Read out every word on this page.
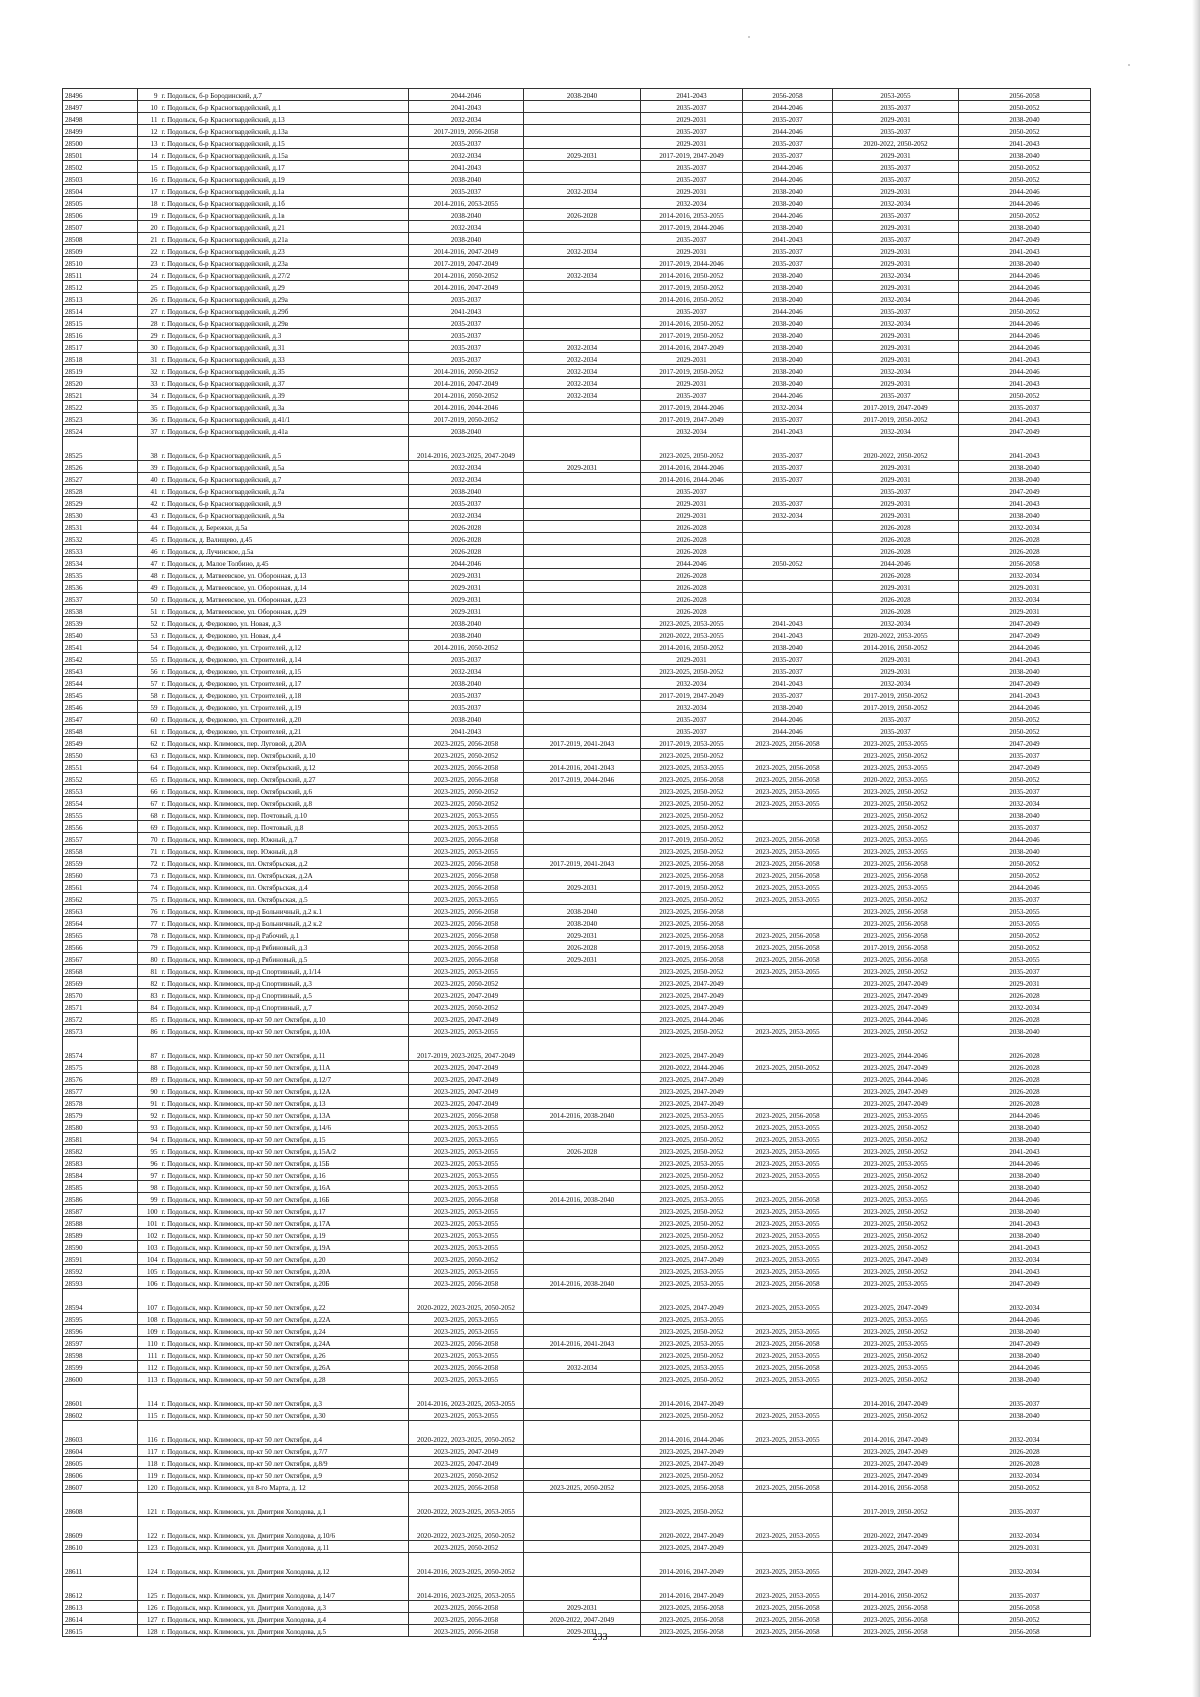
28496	9	г. Подольск, б-р Бородинский, д.7	2044-2046	2038-2040	2041-2043	2056-2058	2053-2055	2056-2058
28497	10	г. Подольск, б-р Красногвардейский, д.1	2041-2043		2035-2037	2044-2046	2035-2037	2050-2052
28498	11	г. Подольск, б-р Красногвардейский, д.13	2032-2034		2029-2031	2035-2037	2029-2031	2038-2040
28499	12	г. Подольск, б-р Красногвардейский, д.13а	2017-2019, 2056-2058		2035-2037	2044-2046	2035-2037	2050-2052
28500	13	г. Подольск, б-р Красногвардейский, д.15	2035-2037		2029-2031	2035-2037	2020-2022, 2050-2052	2041-2043
28501	14	г. Подольск, б-р Красногвардейский, д.15а	2032-2034	2029-2031	2017-2019, 2047-2049	2035-2037	2029-2031	2038-2040
28502	15	г. Подольск, б-р Красногвардейский, д.17	2041-2043		2035-2037	2044-2046	2035-2037	2050-2052
28503	16	г. Подольск, б-р Красногвардейский, д.19	2038-2040		2035-2037	2044-2046	2035-2037	2050-2052
28504	17	г. Подольск, б-р Красногвардейский, д.1а	2035-2037	2032-2034	2029-2031	2038-2040	2029-2031	2044-2046
28505	18	г. Подольск, б-р Красногвардейский, д.1б	2014-2016, 2053-2055		2032-2034	2038-2040	2032-2034	2044-2046
28506	19	г. Подольск, б-р Красногвардейский, д.1в	2038-2040	2026-2028	2014-2016, 2053-2055	2044-2046	2035-2037	2050-2052
28507	20	г. Подольск, б-р Красногвардейский, д.21	2032-2034		2017-2019, 2044-2046	2038-2040	2029-2031	2038-2040
28508	21	г. Подольск, б-р Красногвардейский, д.21а	2038-2040		2035-2037	2041-2043	2035-2037	2047-2049
28509	22	г. Подольск, б-р Красногвардейский, д.23	2014-2016, 2047-2049	2032-2034	2029-2031	2035-2037	2029-2031	2041-2043
28510	23	г. Подольск, б-р Красногвардейский, д.23а	2017-2019, 2047-2049		2017-2019, 2044-2046	2035-2037	2029-2031	2038-2040
28511	24	г. Подольск, б-р Красногвардейский, д.27/2	2014-2016, 2050-2052	2032-2034	2014-2016, 2050-2052	2038-2040	2032-2034	2044-2046
28512	25	г. Подольск, б-р Красногвардейский, д.29	2014-2016, 2047-2049		2017-2019, 2050-2052	2038-2040	2029-2031	2044-2046
28513	26	г. Подольск, б-р Красногвардейский, д.29а	2035-2037		2014-2016, 2050-2052	2038-2040	2032-2034	2044-2046
28514	27	г. Подольск, б-р Красногвардейский, д.29б	2041-2043		2035-2037	2044-2046	2035-2037	2050-2052
28515	28	г. Подольск, б-р Красногвардейский, д.29в	2035-2037		2014-2016, 2050-2052	2038-2040	2032-2034	2044-2046
28516	29	г. Подольск, б-р Красногвардейский, д.3	2035-2037		2017-2019, 2050-2052	2038-2040	2029-2031	2044-2046
28517	30	г. Подольск, б-р Красногвардейский, д.31	2035-2037	2032-2034	2014-2016, 2047-2049	2038-2040	2029-2031	2044-2046
28518	31	г. Подольск, б-р Красногвардейский, д.33	2035-2037	2032-2034	2029-2031	2038-2040	2029-2031	2041-2043
28519	32	г. Подольск, б-р Красногвардейский, д.35	2014-2016, 2050-2052	2032-2034	2017-2019, 2050-2052	2038-2040	2032-2034	2044-2046
28520	33	г. Подольск, б-р Красногвардейский, д.37	2014-2016, 2047-2049	2032-2034	2029-2031	2038-2040	2029-2031	2041-2043
28521	34	г. Подольск, б-р Красногвардейский, д.39	2014-2016, 2050-2052	2032-2034	2035-2037	2044-2046	2035-2037	2050-2052
28522	35	г. Подольск, б-р Красногвардейский, д.3а	2014-2016, 2044-2046		2017-2019, 2044-2046	2032-2034	2017-2019, 2047-2049	2035-2037
28523	36	г. Подольск, б-р Красногвардейский, д.41/1	2017-2019, 2050-2052		2017-2019, 2047-2049	2035-2037	2017-2019, 2050-2052	2041-2043
28524	37	г. Подольск, б-р Красногвардейский, д.41а	2038-2040		2032-2034	2041-2043	2032-2034	2047-2049
28525	38	г. Подольск, б-р Красногвардейский, д.5	2014-2016, 2023-2025, 2047-2049		2023-2025, 2050-2052	2035-2037	2020-2022, 2050-2052	2041-2043
28526	39	г. Подольск, б-р Красногвардейский, д.5а	2032-2034	2029-2031	2014-2016, 2044-2046	2035-2037	2029-2031	2038-2040
28527	40	г. Подольск, б-р Красногвардейский, д.7	2032-2034		2014-2016, 2044-2046	2035-2037	2029-2031	2038-2040
28528	41	г. Подольск, б-р Красногвардейский, д.7а	2038-2040		2035-2037		2035-2037	2047-2049
28529	42	г. Подольск, б-р Красногвардейский, д.9	2035-2037		2029-2031	2035-2037	2029-2031	2041-2043
28530	43	г. Подольск, б-р Красногвардейский, д.9а	2032-2034		2029-2031	2032-2034	2029-2031	2038-2040
28531	44	г. Подольск, д. Бережки, д.5а	2026-2028		2026-2028		2026-2028	2032-2034
28532	45	г. Подольск, д. Валищево, д.45	2026-2028		2026-2028		2026-2028	2026-2028
28533	46	г. Подольск, д. Лучинское, д.5а	2026-2028		2026-2028		2026-2028	2026-2028
28534	47	г. Подольск, д. Малое Толбино, д.45	2044-2046		2044-2046	2050-2052	2044-2046	2056-2058
28535	48	г. Подольск, д. Матвеевское, ул. Оборонная, д.13	2029-2031		2026-2028		2026-2028	2032-2034
28536	49	г. Подольск, д. Матвеевское, ул. Оборонная, д.14	2029-2031		2026-2028		2029-2031	2029-2031
28537	50	г. Подольск, д. Матвеевское, ул. Оборонная, д.23	2029-2031		2026-2028		2026-2028	2032-2034
28538	51	г. Подольск, д. Матвеевское, ул. Оборонная, д.29	2029-2031		2026-2028		2026-2028	2029-2031
28539	52	г. Подольск, д. Федюково, ул. Новая, д.3	2038-2040		2023-2025, 2053-2055	2041-2043	2032-2034	2047-2049
28540	53	г. Подольск, д. Федюково, ул. Новая, д.4	2038-2040		2020-2022, 2053-2055	2041-2043	2020-2022, 2053-2055	2047-2049
28541	54	г. Подольск, д. Федюково, ул. Строителей, д.12	2014-2016, 2050-2052		2014-2016, 2050-2052	2038-2040	2014-2016, 2050-2052	2044-2046
28542	55	г. Подольск, д. Федюково, ул. Строителей, д.14	2035-2037		2029-2031	2035-2037	2029-2031	2041-2043
28543	56	г. Подольск, д. Федюково, ул. Строителей, д.15	2032-2034		2023-2025, 2050-2052	2035-2037	2029-2031	2038-2040
28544	57	г. Подольск, д. Федюково, ул. Строителей, д.17	2038-2040		2032-2034	2041-2043	2032-2034	2047-2049
28545	58	г. Подольск, д. Федюково, ул. Строителей, д.18	2035-2037		2017-2019, 2047-2049	2035-2037	2017-2019, 2050-2052	2041-2043
28546	59	г. Подольск, д. Федюково, ул. Строителей, д.19	2035-2037		2032-2034	2038-2040	2017-2019, 2050-2052	2044-2046
28547	60	г. Подольск, д. Федюково, ул. Строителей, д.20	2038-2040		2035-2037	2044-2046	2035-2037	2050-2052
28548	61	г. Подольск, д. Федюково, ул. Строителей, д.21	2041-2043		2035-2037	2044-2046	2035-2037	2050-2052
28549	62	г. Подольск, мкр. Климовск, пер. Луговой, д.20А	2023-2025, 2056-2058	2017-2019, 2041-2043	2017-2019, 2053-2055	2023-2025, 2056-2058	2023-2025, 2053-2055	2047-2049
28550	63	г. Подольск, мкр. Климовск, пер. Октябрьский, д.10	2023-2025, 2050-2052		2023-2025, 2050-2052		2023-2025, 2050-2052	2035-2037
28551	64	г. Подольск, мкр. Климовск, пер. Октябрьский, д.12	2023-2025, 2056-2058	2014-2016, 2041-2043	2023-2025, 2053-2055	2023-2025, 2056-2058	2023-2025, 2053-2055	2047-2049
28552	65	г. Подольск, мкр. Климовск, пер. Октябрьский, д.27	2023-2025, 2056-2058	2017-2019, 2044-2046	2023-2025, 2056-2058	2023-2025, 2056-2058	2020-2022, 2053-2055	2050-2052
28553	66	г. Подольск, мкр. Климовск, пер. Октябрьский, д.6	2023-2025, 2050-2052		2023-2025, 2050-2052	2023-2025, 2053-2055	2023-2025, 2050-2052	2035-2037
28554	67	г. Подольск, мкр. Климовск, пер. Октябрьский, д.8	2023-2025, 2050-2052		2023-2025, 2050-2052	2023-2025, 2053-2055	2023-2025, 2050-2052	2032-2034
28555	68	г. Подольск, мкр. Климовск, пер. Почтовый, д.10	2023-2025, 2053-2055		2023-2025, 2050-2052		2023-2025, 2050-2052	2038-2040
28556	69	г. Подольск, мкр. Климовск, пер. Почтовый, д.8	2023-2025, 2053-2055		2023-2025, 2050-2052		2023-2025, 2050-2052	2035-2037
28557	70	г. Подольск, мкр. Климовск, пер. Южный, д.7	2023-2025, 2056-2058		2017-2019, 2050-2052	2023-2025, 2056-2058	2023-2025, 2053-2055	2044-2046
28558	71	г. Подольск, мкр. Климовск, пер. Южный, д.8	2023-2025, 2053-2055		2023-2025, 2050-2052	2023-2025, 2053-2055	2023-2025, 2053-2055	2038-2040
28559	72	г. Подольск, мкр. Климовск, пл. Октябрьская, д.2	2023-2025, 2056-2058	2017-2019, 2041-2043	2023-2025, 2056-2058	2023-2025, 2056-2058	2023-2025, 2056-2058	2050-2052
28560	73	г. Подольск, мкр. Климовск, пл. Октябрьская, д.2А	2023-2025, 2056-2058		2023-2025, 2056-2058	2023-2025, 2056-2058	2023-2025, 2056-2058	2050-2052
28561	74	г. Подольск, мкр. Климовск, пл. Октябрьская, д.4	2023-2025, 2056-2058	2029-2031	2017-2019, 2050-2052	2023-2025, 2053-2055	2023-2025, 2053-2055	2044-2046
28562	75	г. Подольск, мкр. Климовск, пл. Октябрьская, д.5	2023-2025, 2053-2055		2023-2025, 2050-2052	2023-2025, 2053-2055	2023-2025, 2050-2052	2035-2037
28563	76	г. Подольск, мкр. Климовск, пр-д Больничный, д.2 к.1	2023-2025, 2056-2058	2038-2040	2023-2025, 2056-2058		2023-2025, 2056-2058	2053-2055
28564	77	г. Подольск, мкр. Климовск, пр-д Больничный, д.2 к.2	2023-2025, 2056-2058	2038-2040	2023-2025, 2056-2058		2023-2025, 2056-2058	2053-2055
28565	78	г. Подольск, мкр. Климовск, пр-д Рабочий, д.1	2023-2025, 2056-2058	2029-2031	2023-2025, 2056-2058	2023-2025, 2056-2058	2023-2025, 2056-2058	2050-2052
28566	79	г. Подольск, мкр. Климовск, пр-д Рябиновый, д.3	2023-2025, 2056-2058	2026-2028	2017-2019, 2056-2058	2023-2025, 2056-2058	2017-2019, 2056-2058	2050-2052
28567	80	г. Подольск, мкр. Климовск, пр-д Рябиновый, д.5	2023-2025, 2056-2058	2029-2031	2023-2025, 2056-2058	2023-2025, 2056-2058	2023-2025, 2056-2058	2053-2055
28568	81	г. Подольск, мкр. Климовск, пр-д Спортивный, д.1/14	2023-2025, 2053-2055		2023-2025, 2050-2052	2023-2025, 2053-2055	2023-2025, 2050-2052	2035-2037
28569	82	г. Подольск, мкр. Климовск, пр-д Спортивный, д.3	2023-2025, 2050-2052		2023-2025, 2047-2049		2023-2025, 2047-2049	2029-2031
28570	83	г. Подольск, мкр. Климовск, пр-д Спортивный, д.5	2023-2025, 2047-2049		2023-2025, 2047-2049		2023-2025, 2047-2049	2026-2028
28571	84	г. Подольск, мкр. Климовск, пр-д Спортивный, д.7	2023-2025, 2050-2052		2023-2025, 2047-2049		2023-2025, 2047-2049	2032-2034
28572	85	г. Подольск, мкр. Климовск, пр-кт 50 лет Октября, д.10	2023-2025, 2047-2049		2023-2025, 2044-2046		2023-2025, 2044-2046	2026-2028
28573	86	г. Подольск, мкр. Климовск, пр-кт 50 лет Октября, д.10А	2023-2025, 2053-2055		2023-2025, 2050-2052	2023-2025, 2053-2055	2023-2025, 2050-2052	2038-2040
28574	87	г. Подольск, мкр. Климовск, пр-кт 50 лет Октября, д.11	2017-2019, 2023-2025, 2047-2049		2023-2025, 2047-2049		2023-2025, 2044-2046	2026-2028
28575	88	г. Подольск, мкр. Климовск, пр-кт 50 лет Октября, д.11А	2023-2025, 2047-2049		2020-2022, 2044-2046	2023-2025, 2050-2052	2023-2025, 2047-2049	2026-2028
28576	89	г. Подольск, мкр. Климовск, пр-кт 50 лет Октября, д.12/7	2023-2025, 2047-2049		2023-2025, 2047-2049		2023-2025, 2044-2046	2026-2028
28577	90	г. Подольск, мкр. Климовск, пр-кт 50 лет Октября, д.12А	2023-2025, 2047-2049		2023-2025, 2047-2049		2023-2025, 2047-2049	2026-2028
28578	91	г. Подольск, мкр. Климовск, пр-кт 50 лет Октября, д.13	2023-2025, 2047-2049		2023-2025, 2047-2049		2023-2025, 2047-2049	2026-2028
28579	92	г. Подольск, мкр. Климовск, пр-кт 50 лет Октября, д.13А	2023-2025, 2056-2058	2014-2016, 2038-2040	2023-2025, 2053-2055	2023-2025, 2056-2058	2023-2025, 2053-2055	2044-2046
28580	93	г. Подольск, мкр. Климовск, пр-кт 50 лет Октября, д.14/6	2023-2025, 2053-2055		2023-2025, 2050-2052	2023-2025, 2053-2055	2023-2025, 2050-2052	2038-2040
28581	94	г. Подольск, мкр. Климовск, пр-кт 50 лет Октября, д.15	2023-2025, 2053-2055		2023-2025, 2050-2052	2023-2025, 2053-2055	2023-2025, 2050-2052	2038-2040
28582	95	г. Подольск, мкр. Климовск, пр-кт 50 лет Октября, д.15А/2	2023-2025, 2053-2055	2026-2028	2023-2025, 2050-2052	2023-2025, 2053-2055	2023-2025, 2050-2052	2041-2043
28583	96	г. Подольск, мкр. Климовск, пр-кт 50 лет Октября, д.15Б	2023-2025, 2053-2055		2023-2025, 2053-2055	2023-2025, 2053-2055	2023-2025, 2053-2055	2044-2046
28584	97	г. Подольск, мкр. Климовск, пр-кт 50 лет Октября, д.16	2023-2025, 2053-2055		2023-2025, 2050-2052	2023-2025, 2053-2055	2023-2025, 2050-2052	2038-2040
28585	98	г. Подольск, мкр. Климовск, пр-кт 50 лет Октября, д.16А	2023-2025, 2053-2055		2023-2025, 2050-2052		2023-2025, 2050-2052	2038-2040
28586	99	г. Подольск, мкр. Климовск, пр-кт 50 лет Октября, д.16Б	2023-2025, 2056-2058	2014-2016, 2038-2040	2023-2025, 2053-2055	2023-2025, 2056-2058	2023-2025, 2053-2055	2044-2046
28587	100	г. Подольск, мкр. Климовск, пр-кт 50 лет Октября, д.17	2023-2025, 2053-2055		2023-2025, 2050-2052	2023-2025, 2053-2055	2023-2025, 2050-2052	2038-2040
28588	101	г. Подольск, мкр. Климовск, пр-кт 50 лет Октября, д.17А	2023-2025, 2053-2055		2023-2025, 2050-2052	2023-2025, 2053-2055	2023-2025, 2050-2052	2041-2043
28589	102	г. Подольск, мкр. Климовск, пр-кт 50 лет Октября, д.19	2023-2025, 2053-2055		2023-2025, 2050-2052	2023-2025, 2053-2055	2023-2025, 2050-2052	2038-2040
28590	103	г. Подольск, мкр. Климовск, пр-кт 50 лет Октября, д.19А	2023-2025, 2053-2055		2023-2025, 2050-2052	2023-2025, 2053-2055	2023-2025, 2050-2052	2041-2043
28591	104	г. Подольск, мкр. Климовск, пр-кт 50 лет Октября, д.20	2023-2025, 2050-2052		2023-2025, 2047-2049	2023-2025, 2053-2055	2023-2025, 2047-2049	2032-2034
28592	105	г. Подольск, мкр. Климовск, пр-кт 50 лет Октября, д.20А	2023-2025, 2053-2055		2023-2025, 2053-2055	2023-2025, 2053-2055	2023-2025, 2050-2052	2041-2043
28593	106	г. Подольск, мкр. Климовск, пр-кт 50 лет Октября, д.20Б	2023-2025, 2056-2058	2014-2016, 2038-2040	2023-2025, 2053-2055	2023-2025, 2056-2058	2023-2025, 2053-2055	2047-2049
28594	107	г. Подольск, мкр. Климовск, пр-кт 50 лет Октября, д.22	2020-2022, 2023-2025, 2050-2052		2023-2025, 2047-2049	2023-2025, 2053-2055	2023-2025, 2047-2049	2032-2034
28595	108	г. Подольск, мкр. Климовск, пр-кт 50 лет Октября, д.22А	2023-2025, 2053-2055		2023-2025, 2053-2055		2023-2025, 2053-2055	2044-2046
28596	109	г. Подольск, мкр. Климовск, пр-кт 50 лет Октября, д.24	2023-2025, 2053-2055		2023-2025, 2050-2052	2023-2025, 2053-2055	2023-2025, 2050-2052	2038-2040
28597	110	г. Подольск, мкр. Климовск, пр-кт 50 лет Октября, д.24А	2023-2025, 2056-2058	2014-2016, 2041-2043	2023-2025, 2053-2055	2023-2025, 2056-2058	2023-2025, 2053-2055	2047-2049
28598	111	г. Подольск, мкр. Климовск, пр-кт 50 лет Октября, д.26	2023-2025, 2053-2055		2023-2025, 2050-2052	2023-2025, 2053-2055	2023-2025, 2050-2052	2038-2040
28599	112	г. Подольск, мкр. Климовск, пр-кт 50 лет Октября, д.26А	2023-2025, 2056-2058	2032-2034	2023-2025, 2053-2055	2023-2025, 2056-2058	2023-2025, 2053-2055	2044-2046
28600	113	г. Подольск, мкр. Климовск, пр-кт 50 лет Октября, д.28	2023-2025, 2053-2055		2023-2025, 2050-2052	2023-2025, 2053-2055	2023-2025, 2050-2052	2038-2040
28601	114	г. Подольск, мкр. Климовск, пр-кт 50 лет Октября, д.3	2014-2016, 2023-2025, 2053-2055		2014-2016, 2047-2049		2014-2016, 2047-2049	2035-2037
28602	115	г. Подольск, мкр. Климовск, пр-кт 50 лет Октября, д.30	2023-2025, 2053-2055		2023-2025, 2050-2052	2023-2025, 2053-2055	2023-2025, 2050-2052	2038-2040
28603	116	г. Подольск, мкр. Климовск, пр-кт 50 лет Октября, д.4	2020-2022, 2023-2025, 2050-2052		2014-2016, 2044-2046	2023-2025, 2053-2055	2014-2016, 2047-2049	2032-2034
28604	117	г. Подольск, мкр. Климовск, пр-кт 50 лет Октября, д.7/7	2023-2025, 2047-2049		2023-2025, 2047-2049		2023-2025, 2047-2049	2026-2028
28605	118	г. Подольск, мкр. Климовск, пр-кт 50 лет Октября, д.8/9	2023-2025, 2047-2049		2023-2025, 2047-2049		2023-2025, 2047-2049	2026-2028
28606	119	г. Подольск, мкр. Климовск, пр-кт 50 лет Октября, д.9	2023-2025, 2050-2052		2023-2025, 2050-2052		2023-2025, 2047-2049	2032-2034
28607	120	г. Подольск, мкр. Климовск, ул 8-го Марта, д. 12	2023-2025, 2056-2058	2023-2025, 2050-2052	2023-2025, 2056-2058	2023-2025, 2056-2058	2014-2016, 2056-2058	2050-2052
28608	121	г. Подольск, мкр. Климовск, ул. Дмитрия Холодова, д.1	2020-2022, 2023-2025, 2053-2055		2023-2025, 2050-2052		2017-2019, 2050-2052	2035-2037
28609	122	г. Подольск, мкр. Климовск, ул. Дмитрия Холодова, д.10/6	2020-2022, 2023-2025, 2050-2052		2020-2022, 2047-2049	2023-2025, 2053-2055	2020-2022, 2047-2049	2032-2034
28610	123	г. Подольск, мкр. Климовск, ул. Дмитрия Холодова, д.11	2023-2025, 2050-2052		2023-2025, 2047-2049		2023-2025, 2047-2049	2029-2031
28611	124	г. Подольск, мкр. Климовск, ул. Дмитрия Холодова, д.12	2014-2016, 2023-2025, 2050-2052		2014-2016, 2047-2049	2023-2025, 2053-2055	2020-2022, 2047-2049	2032-2034
28612	125	г. Подольск, мкр. Климовск, ул. Дмитрия Холодова, д.14/7	2014-2016, 2023-2025, 2053-2055		2014-2016, 2047-2049	2023-2025, 2053-2055	2014-2016, 2050-2052	2035-2037
28613	126	г. Подольск, мкр. Климовск, ул. Дмитрия Холодова, д.3	2023-2025, 2056-2058	2029-2031	2023-2025, 2056-2058	2023-2025, 2056-2058	2023-2025, 2056-2058	2056-2058
28614	127	г. Подольск, мкр. Климовск, ул. Дмитрия Холодова, д.4	2023-2025, 2056-2058	2020-2022, 2047-2049	2023-2025, 2056-2058	2023-2025, 2056-2058	2023-2025, 2056-2058	2050-2052
28615	128	г. Подольск, мкр. Климовск, ул. Дмитрия Холодова, д.5	2023-2025, 2056-2058	2029-2031	2023-2025, 2056-2058	2023-2025, 2056-2058	2023-2025, 2056-2058	2056-2058
233
